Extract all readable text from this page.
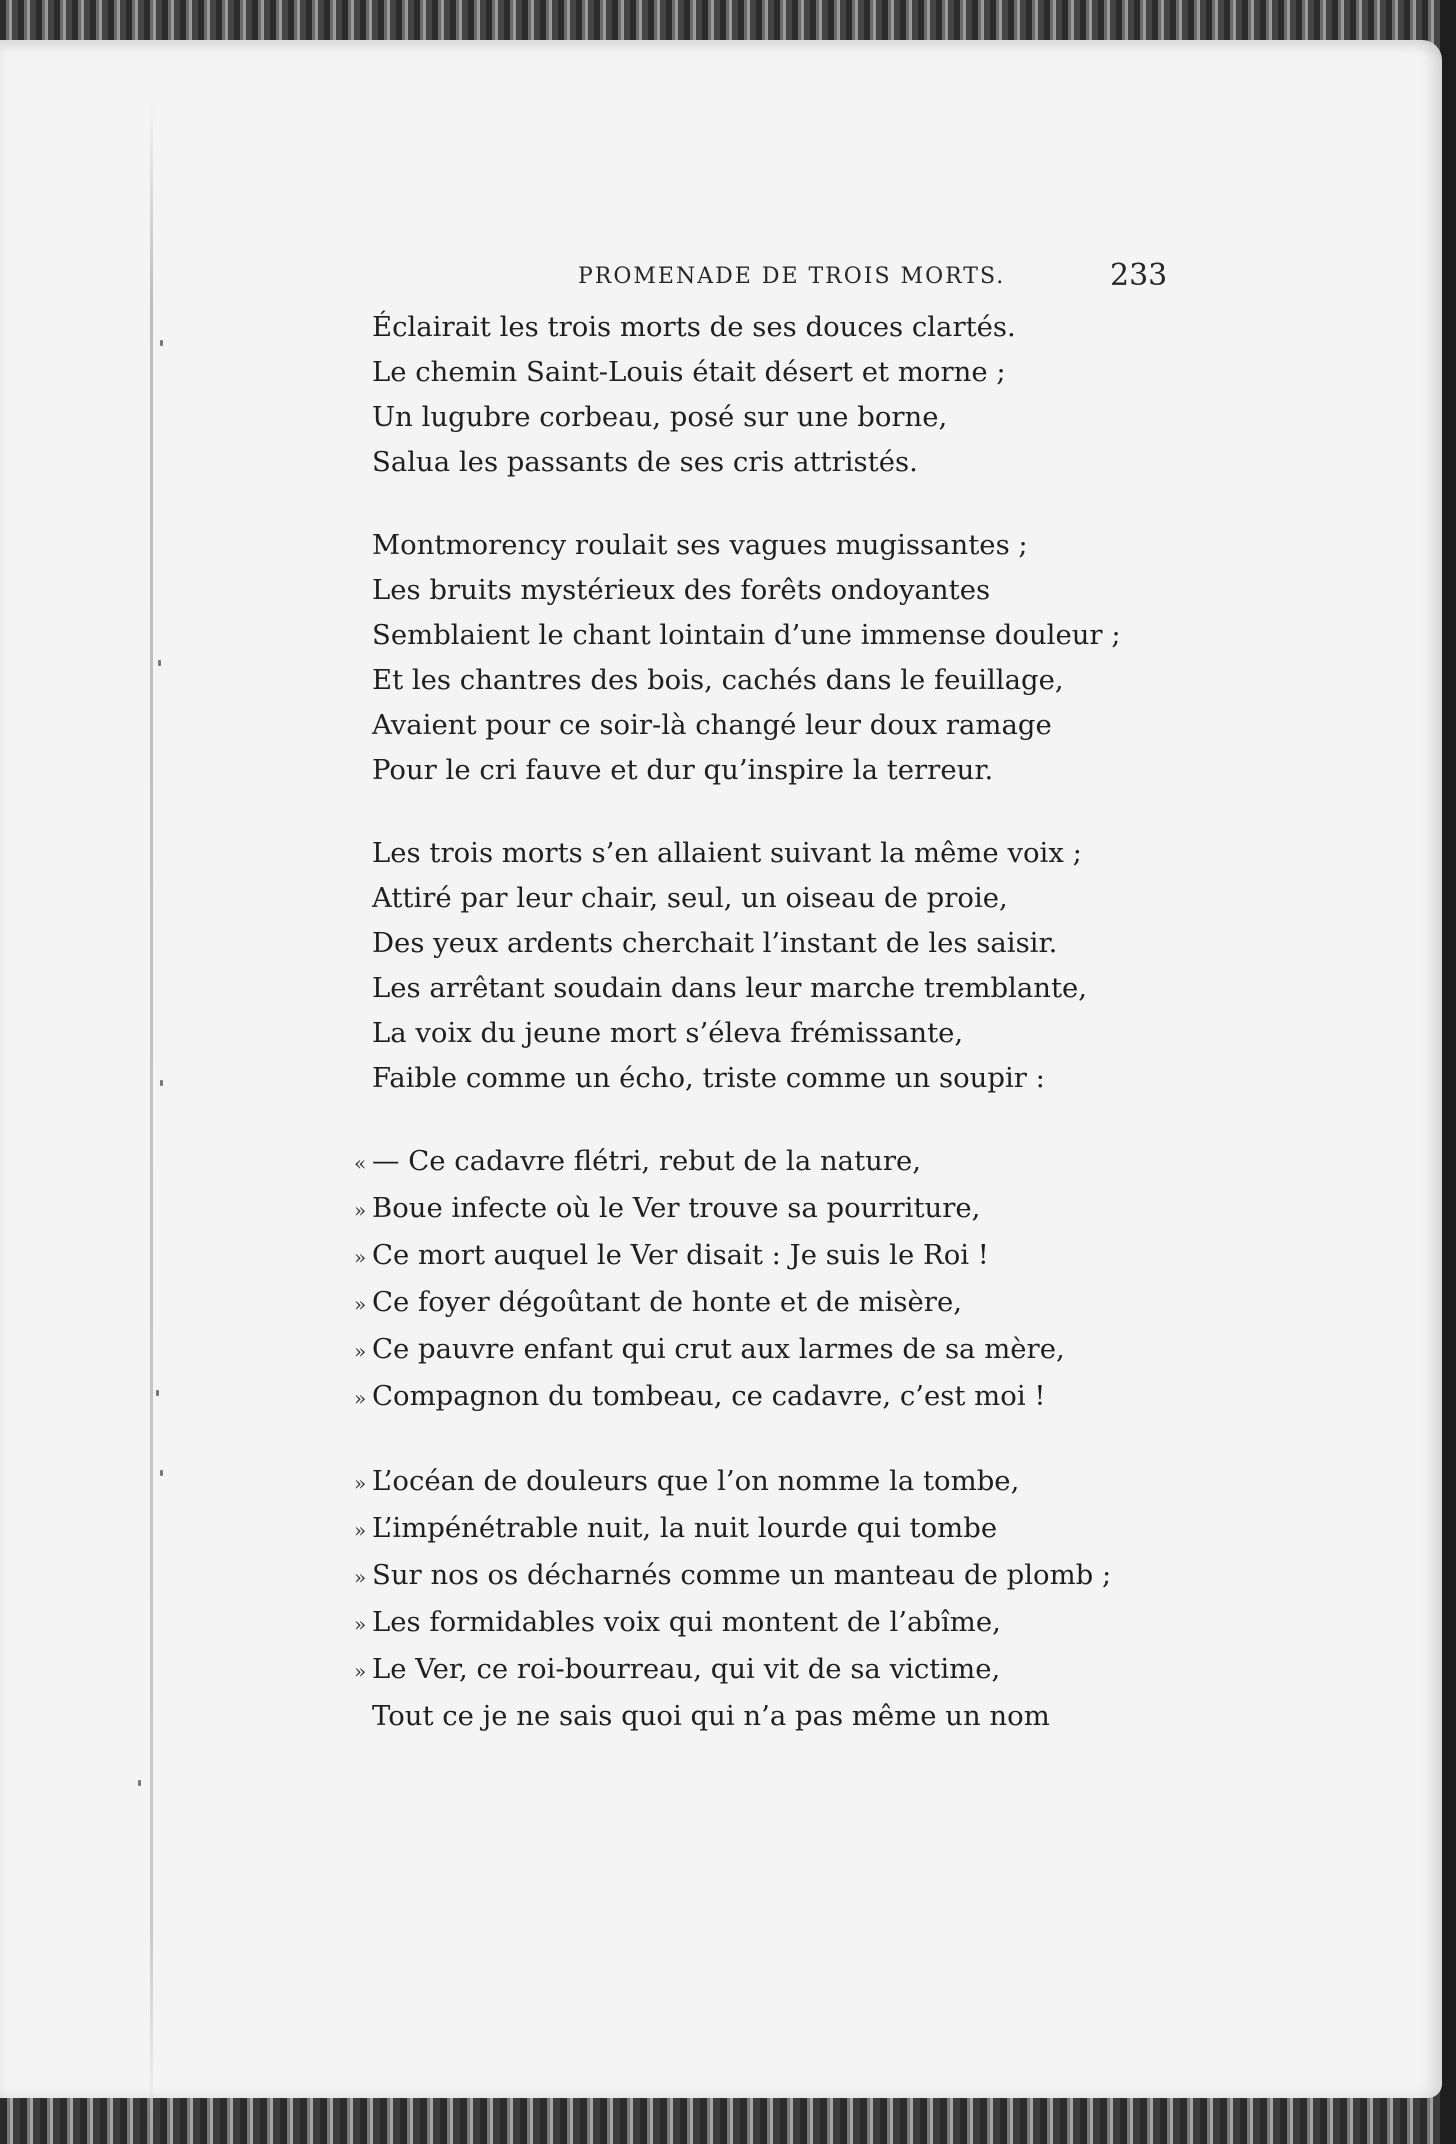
PROMENADE DE TROIS MORTS.	233
Éclairait les trois morts de ses douces clartés.
Le chemin Saint-Louis était désert et morne ;
Un lugubre corbeau, posé sur une borne,
Salua les passants de ses cris attristés.
Montmorency roulait ses vagues mugissantes ;
Les bruits mystérieux des forêts ondoyantes
Semblaient le chant lointain d’une immense douleur ;
Et les chantres des bois, cachés dans le feuillage,
Avaient pour ce soir-là changé leur doux ramage
Pour le cri fauve et dur qu’inspire la terreur.
Les trois morts s’en allaient suivant la même voix ;
Attiré par leur chair, seul, un oiseau de proie,
Des yeux ardents cherchait l’instant de les saisir.
Les arrêtant soudain dans leur marche tremblante,
La voix du jeune mort s’éleva frémissante,
Faible comme un écho, triste comme un soupir :
« — Ce cadavre flétri, rebut de la nature,
» Boue infecte où le Ver trouve sa pourriture,
» Ce mort auquel le Ver disait : Je suis le Roi !
» Ce foyer dégoûtant de honte et de misère,
» Ce pauvre enfant qui crut aux larmes de sa mère,
» Compagnon du tombeau, ce cadavre, c’est moi !
» L’océan de douleurs que l’on nomme la tombe,
» L’impénétrable nuit, la nuit lourde qui tombe
» Sur nos os décharnés comme un manteau de plomb ;
» Les formidables voix qui montent de l’abîme,
» Le Ver, ce roi-bourreau, qui vit de sa victime,
Tout ce je ne sais quoi qui n’a pas même un nom
